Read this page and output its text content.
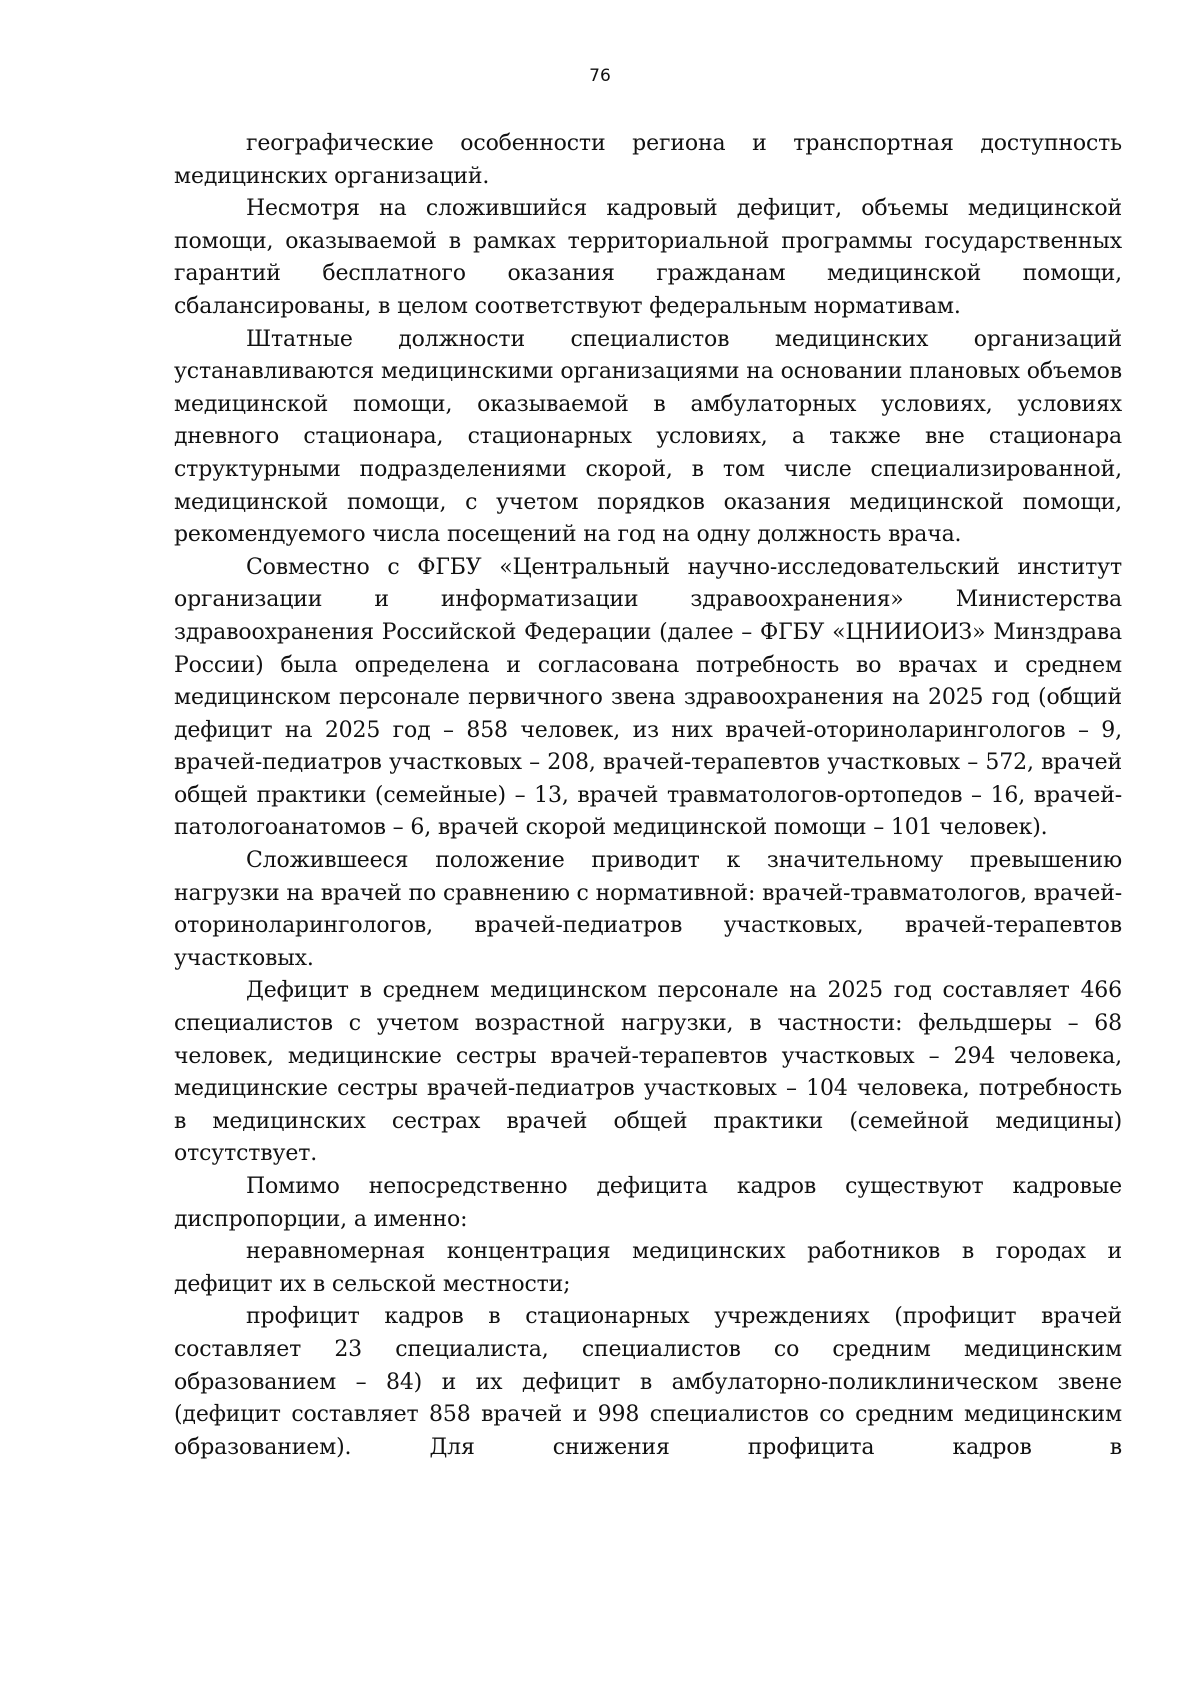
76

географические особенности региона и транспортная доступность медицинских организаций.

Несмотря на сложившийся кадровый дефицит, объемы медицинской помощи, оказываемой в рамках территориальной программы государственных гарантий бесплатного оказания гражданам медицинской помощи, сбалансированы, в целом соответствуют федеральным нормативам.

Штатные должности специалистов медицинских организаций устанавливаются медицинскими организациями на основании плановых объемов медицинской помощи, оказываемой в амбулаторных условиях, условиях дневного стационара, стационарных условиях, а также вне стационара структурными подразделениями скорой, в том числе специализированной, медицинской помощи, с учетом порядков оказания медицинской помощи, рекомендуемого числа посещений на год на одну должность врача.

Совместно с ФГБУ «Центральный научно-исследовательский институт организации и информатизации здравоохранения» Министерства здравоохранения Российской Федерации (далее – ФГБУ «ЦНИИОИЗ» Минздрава России) была определена и согласована потребность во врачах и среднем медицинском персонале первичного звена здравоохранения на 2025 год (общий дефицит на 2025 год – 858 человек, из них врачей-оториноларингологов – 9, врачей-педиатров участковых – 208, врачей-терапевтов участковых – 572, врачей общей практики (семейные) – 13, врачей травматологов-ортопедов – 16, врачей-патологоанатомов – 6, врачей скорой медицинской помощи – 101 человек).

Сложившееся положение приводит к значительному превышению нагрузки на врачей по сравнению с нормативной: врачей-травматологов, врачей-оториноларингологов, врачей-педиатров участковых, врачей-терапевтов участковых.

Дефицит в среднем медицинском персонале на 2025 год составляет 466 специалистов с учетом возрастной нагрузки, в частности: фельдшеры – 68 человек, медицинские сестры врачей-терапевтов участковых – 294 человека, медицинские сестры врачей-педиатров участковых – 104 человека, потребность в медицинских сестрах врачей общей практики (семейной медицины) отсутствует.

Помимо непосредственно дефицита кадров существуют кадровые диспропорции, а именно:

неравномерная концентрация медицинских работников в городах и дефицит их в сельской местности;

профицит кадров в стационарных учреждениях (профицит врачей составляет 23 специалиста, специалистов со средним медицинским образованием – 84) и их дефицит в амбулаторно-поликлиническом звене (дефицит составляет 858 врачей и 998 специалистов со средним медицинским образованием). Для снижения профицита кадров в
